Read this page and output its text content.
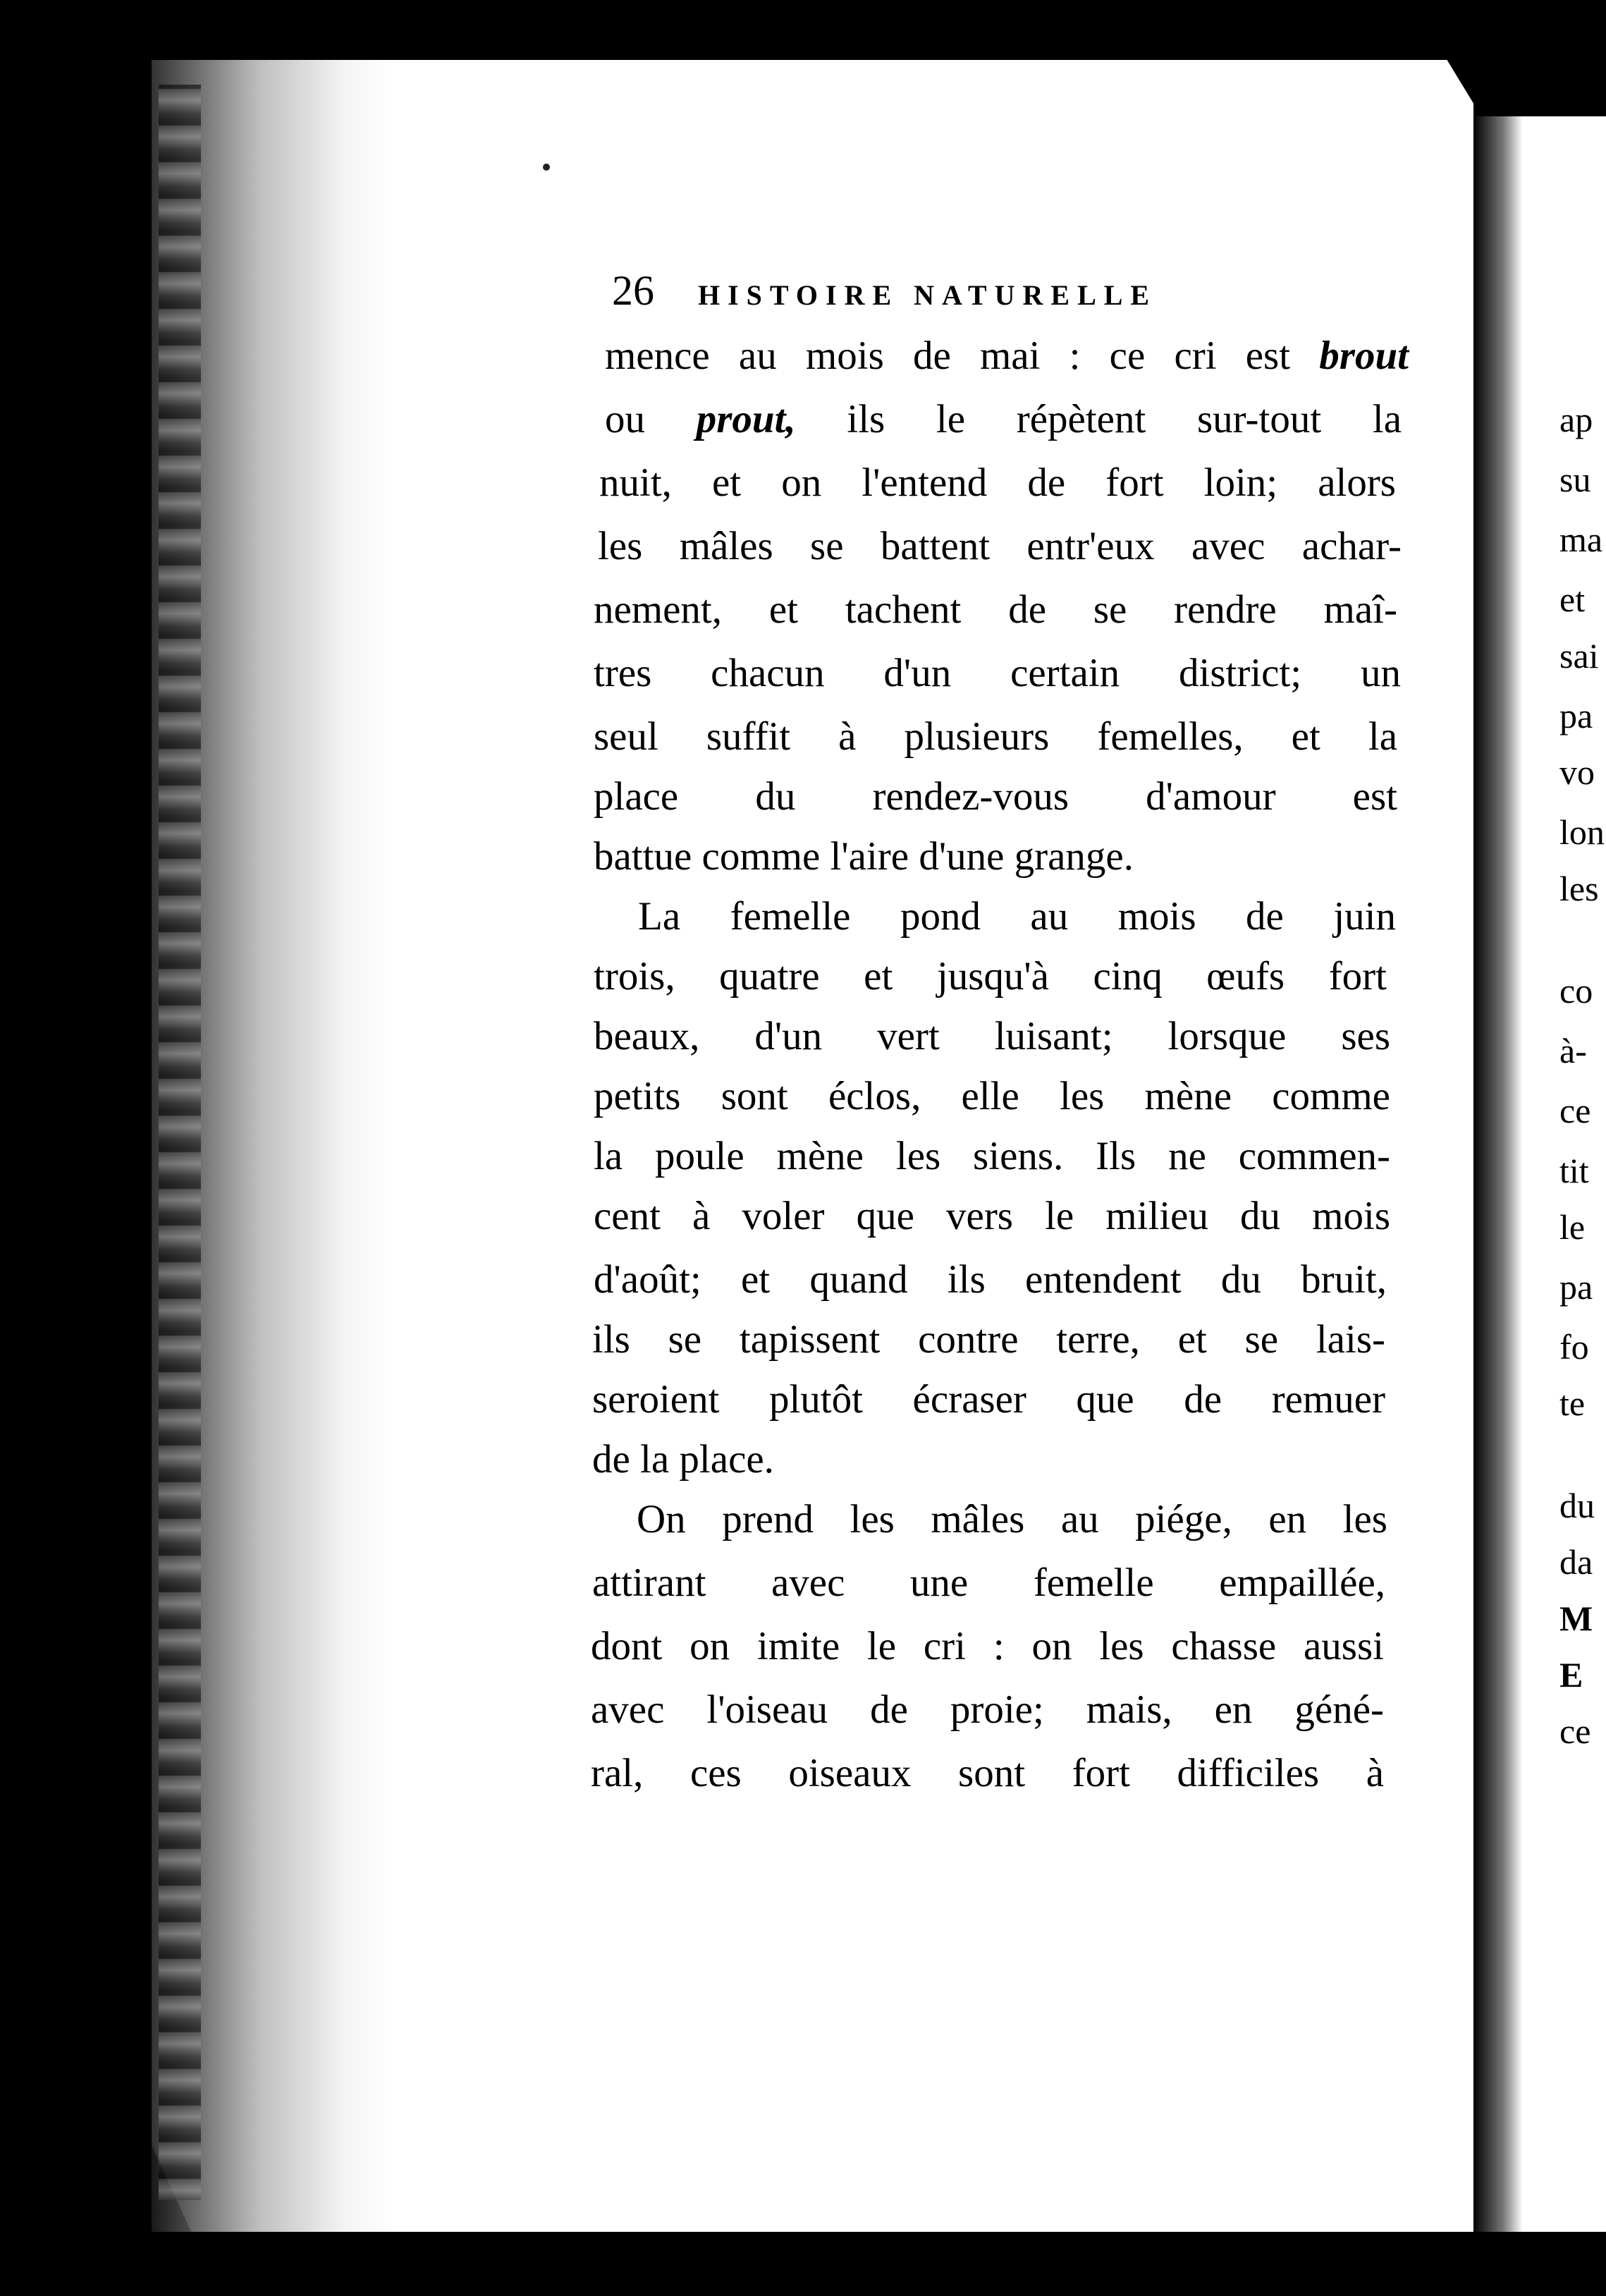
26 HISTOIRE NATURELLE
mence au mois de mai : ce cri est brout
ou prout, ils le répètent sur-tout la
nuit, et on l'entend de fort loin; alors
les mâles se battent entr'eux avec achar-
nement, et tachent de se rendre maî-
tres chacun d'un certain district; un
seul suffit à plusieurs femelles, et la
place du rendez-vous d'amour est
battue comme l'aire d'une grange.
La femelle pond au mois de juin
trois, quatre et jusqu'à cinq œufs fort
beaux, d'un vert luisant; lorsque ses
petits sont éclos, elle les mène comme
la poule mène les siens. Ils ne commen-
cent à voler que vers le milieu du mois
d'août; et quand ils entendent du bruit,
ils se tapissent contre terre, et se lais-
seroient plutôt écraser que de remuer
de la place.
On prend les mâles au piége, en les
attirant avec une femelle empaillée,
dont on imite le cri : on les chasse aussi
avec l'oiseau de proie; mais, en géné-
ral, ces oiseaux sont fort difficiles à
ap
su
ma
et
sai
pa
vo
lon
les
co
à-
ce
tit
le
pa
fo
te
du
da
M
E
ce
